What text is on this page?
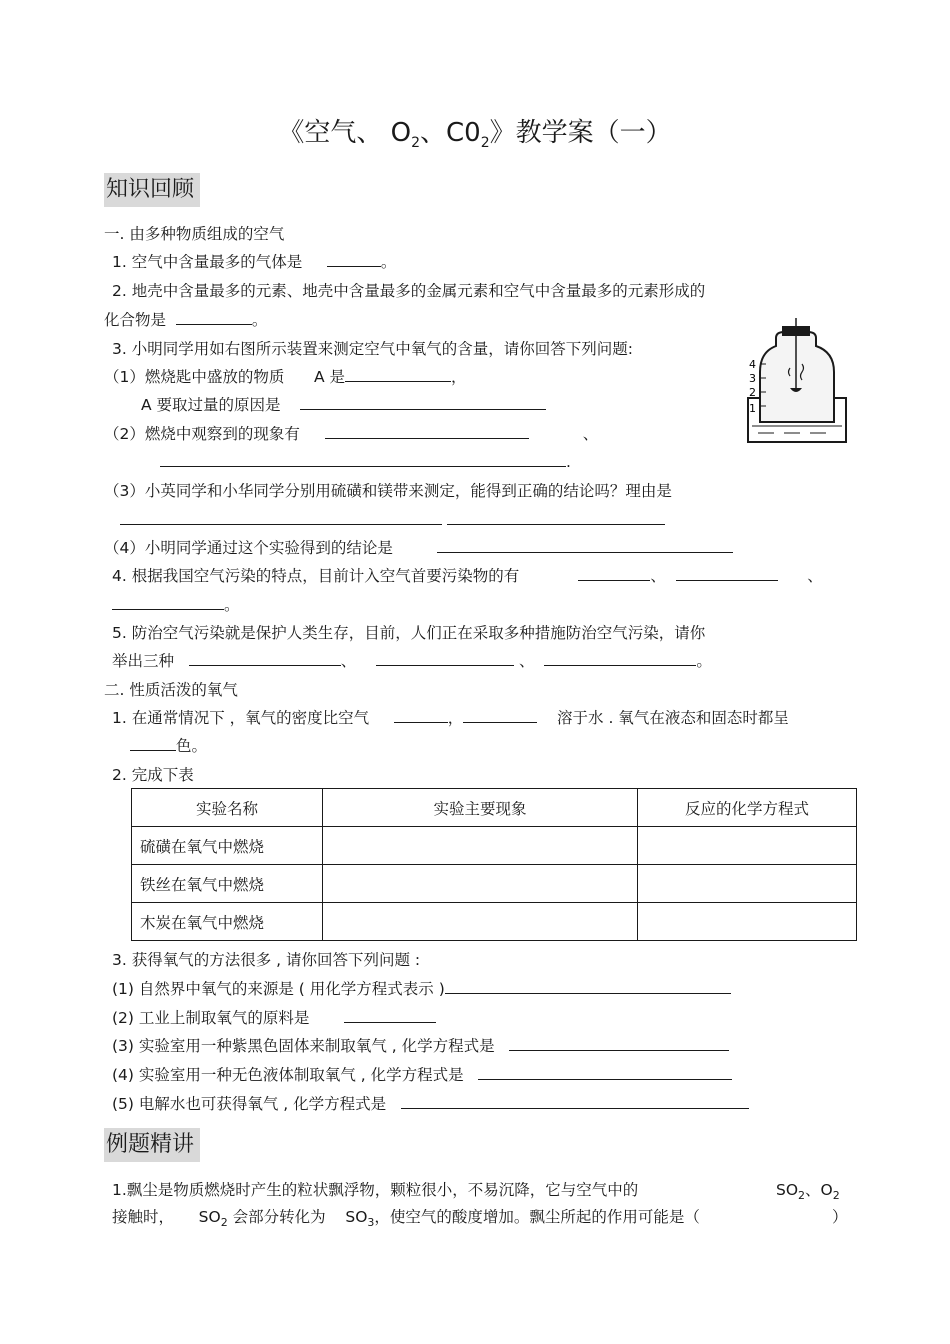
《空气、 $O_2$、$C0_2$》教学案（一）
知识回顾
一. 由多种物质组成的空气
1. 空气中含量最多的气体是	。
2. 地壳中含量最多的元素、地壳中含量最多的金属元素和空气中含量最多的元素形成的
化合物是	。
3. 小明同学用如右图所示装置来测定空气中氧气的含量，请你回答下列问题:
（1）燃烧匙中盛放的物质 A 是	，
A 要取过量的原因是
（2）燃烧中观察到的现象有	、
.
（3）小英同学和小华同学分别用硫磺和镁带来测定，能得到正确的结论吗？理由是

（4）小明同学通过这个实验得到的结论是
4. 根据我国空气污染的特点，目前计入空气首要污染物的有	、	、
。
5. 防治空气污染就是保护人类生存，目前，人们正在采取多种措施防治空气污染，请你
举出三种	、	、	。
二. 性质活泼的氧气
1. 在通常情况下 ，氧气的密度比空气	，	溶于水 . 氧气在液态和固态时都呈
色。
2. 完成下表
实验名称	实验主要现象	反应的化学方程式
硫磺在氧气中燃烧		
铁丝在氧气中燃烧		
木炭在氧气中燃烧		
3. 获得氧气的方法很多 , 请你回答下列问题 :
(1) 自然界中氧气的来源是 ( 用化学方程式表示 )
(2) 工业上制取氧气的原料是
(3) 实验室用一种紫黑色固体来制取氧气 , 化学方程式是
(4) 实验室用一种无色液体制取氧气 , 化学方程式是
(5) 电解水也可获得氧气 , 化学方程式是
例题精讲
1.飘尘是物质燃烧时产生的粒状飘浮物，颗粒很小，不易沉降，它与空气中的	$SO_2$、$O_2$
接触时， $SO_2$ 会部分转化为 $SO_3$，使空气的酸度增加。飘尘所起的作用可能是（	）
4
3
2
1
